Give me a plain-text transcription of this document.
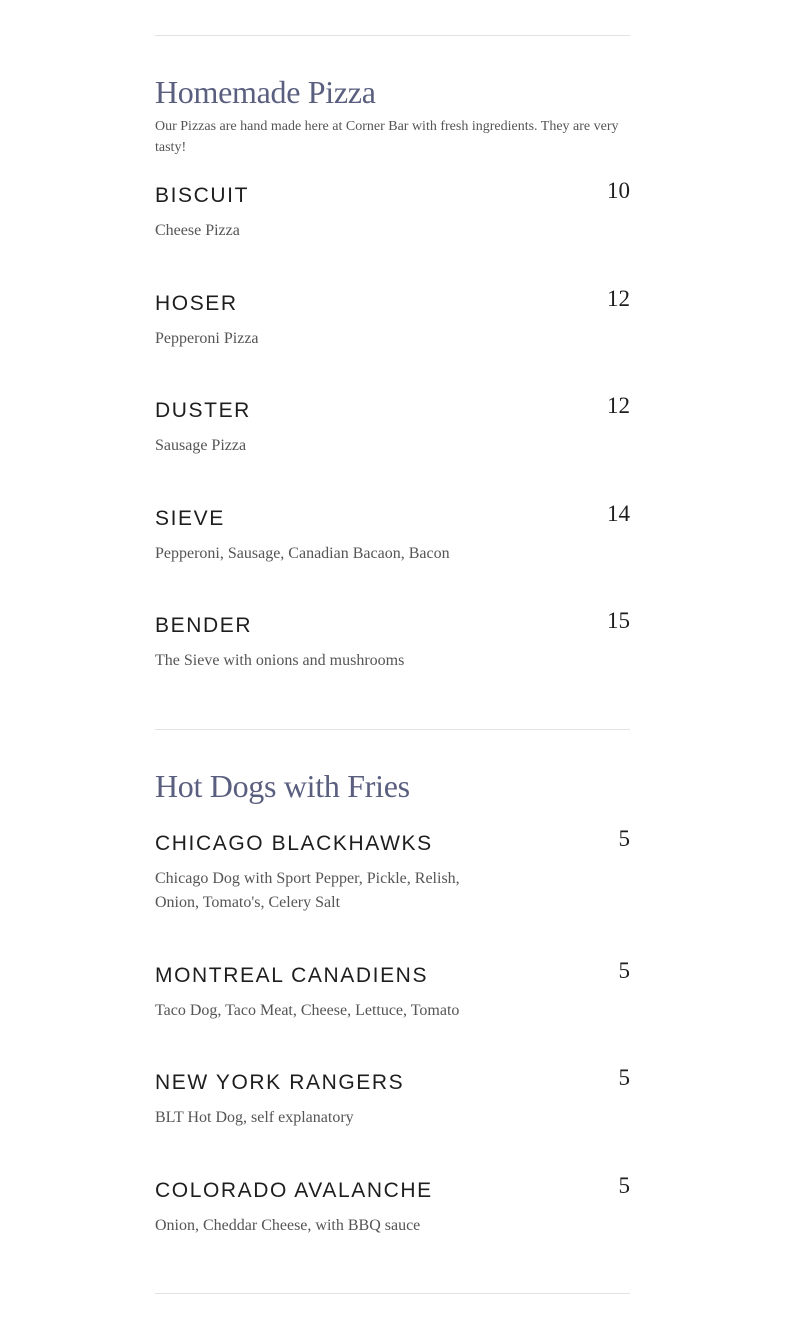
Homemade Pizza

Our Pizzas are hand made here at Corner Bar with fresh ingredients. They are very tasty!

BISCUIT	10
Cheese Pizza
HOSER	12
Pepperoni Pizza
DUSTER	12
Sausage Pizza
SIEVE	14
Pepperoni, Sausage, Canadian Bacaon, Bacon
BENDER	15
The Sieve with onions and mushrooms
Hot Dogs with Fries
CHICAGO BLACKHAWKS	5
Chicago Dog with Sport Pepper, Pickle, Relish, Onion, Tomato's, Celery Salt
MONTREAL CANADIENS	5
Taco Dog, Taco Meat, Cheese, Lettuce, Tomato
NEW YORK RANGERS	5
BLT Hot Dog, self explanatory
COLORADO AVALANCHE	5
Onion, Cheddar Cheese, with BBQ sauce
